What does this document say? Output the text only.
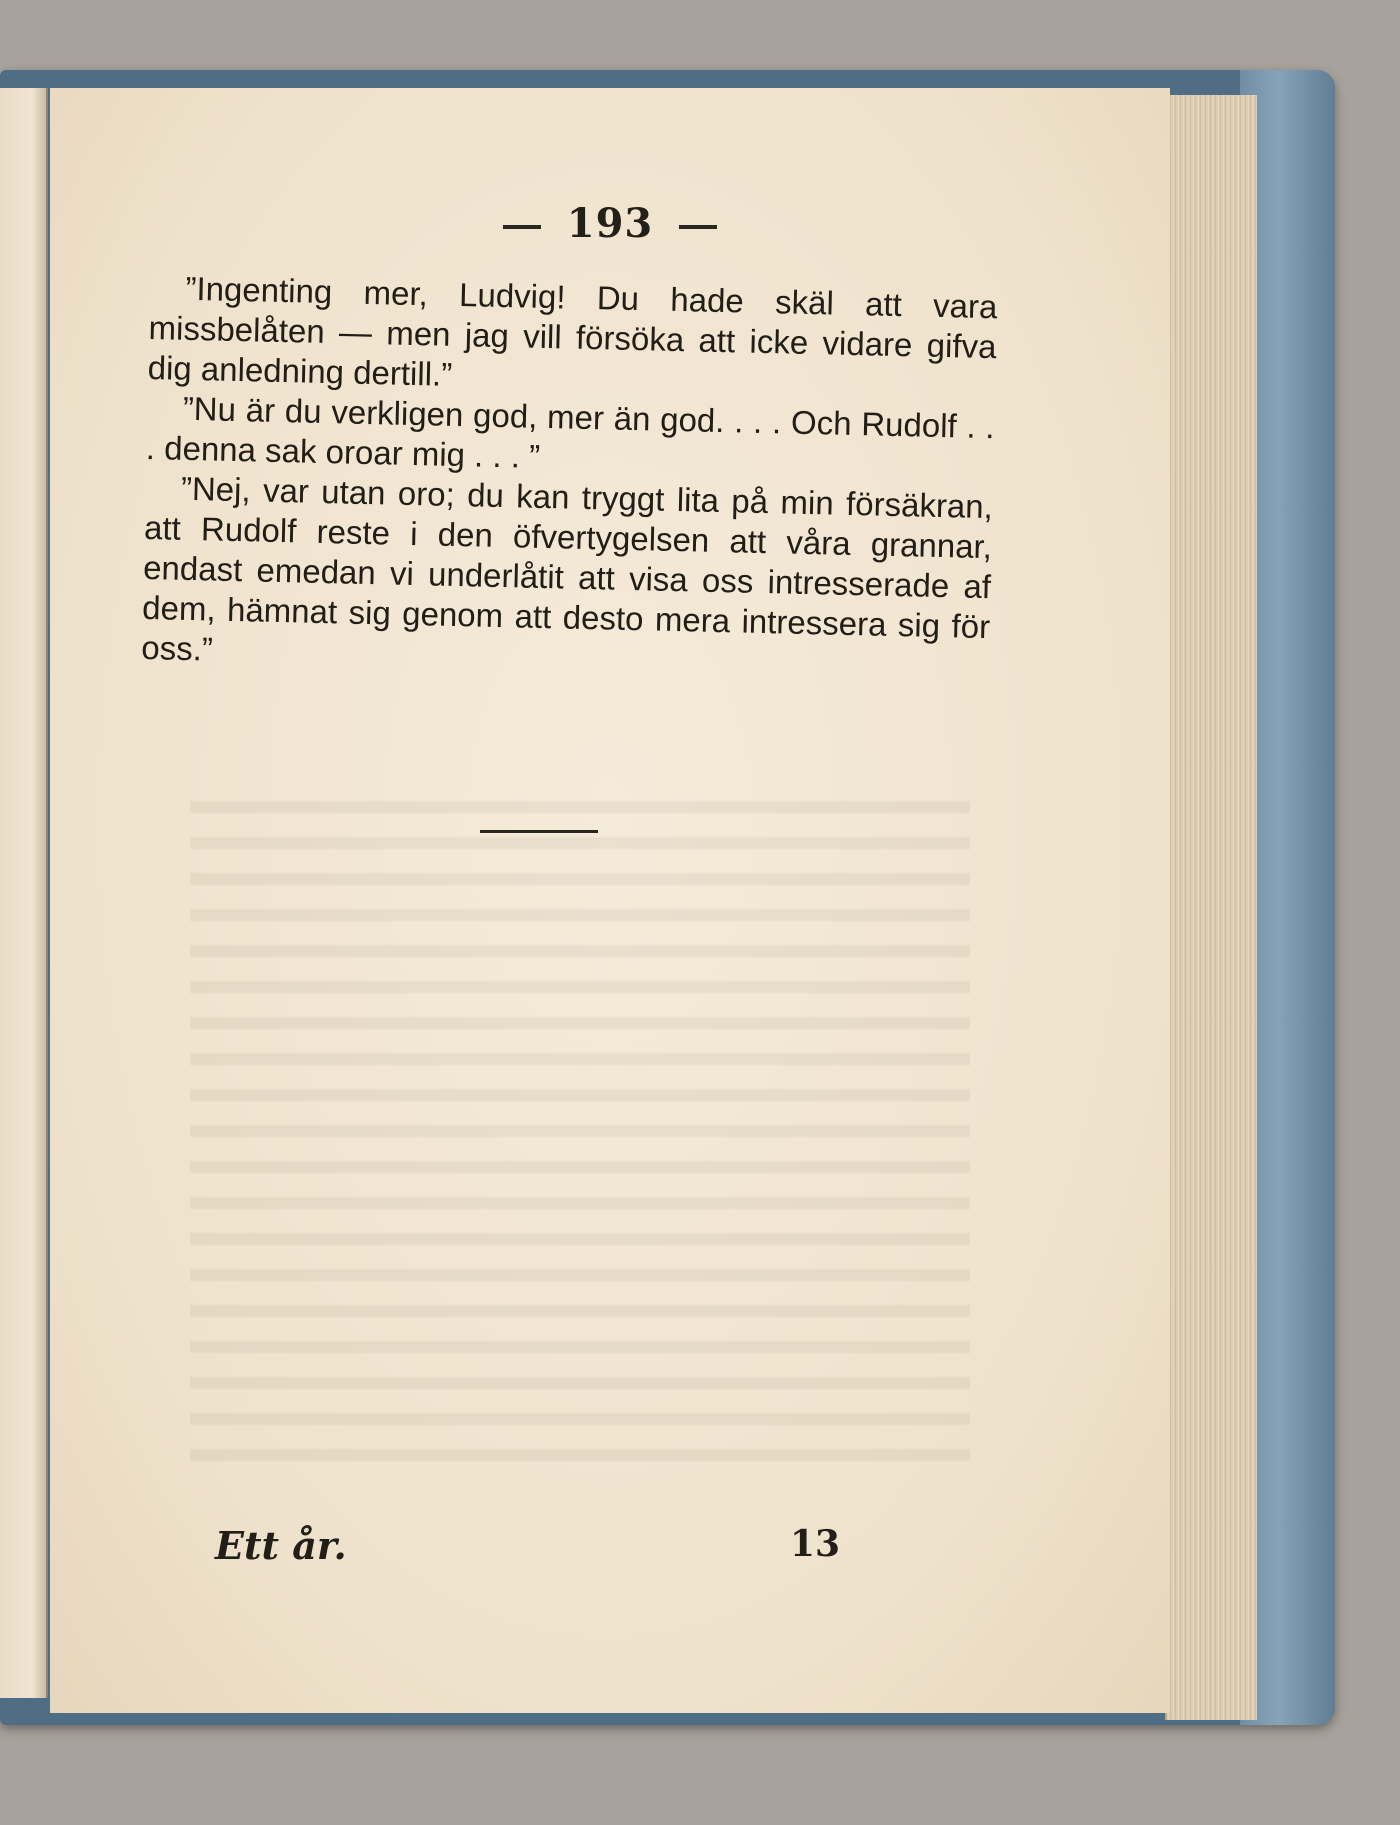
193

”Ingenting mer, Ludvig! Du hade skäl att vara missbelåten — men jag vill försöka att icke vidare gifva dig anledning dertill.”

”Nu är du verkligen god, mer än god. . . . Och Rudolf . . . denna sak oroar mig . . . ”

”Nej, var utan oro; du kan tryggt lita på min försäkran, att Rudolf reste i den öfvertygelsen att våra grannar, endast emedan vi underlåtit att visa oss intresserade af dem, hämnat sig genom att desto mera intressera sig för oss.”

Ett år.	13
